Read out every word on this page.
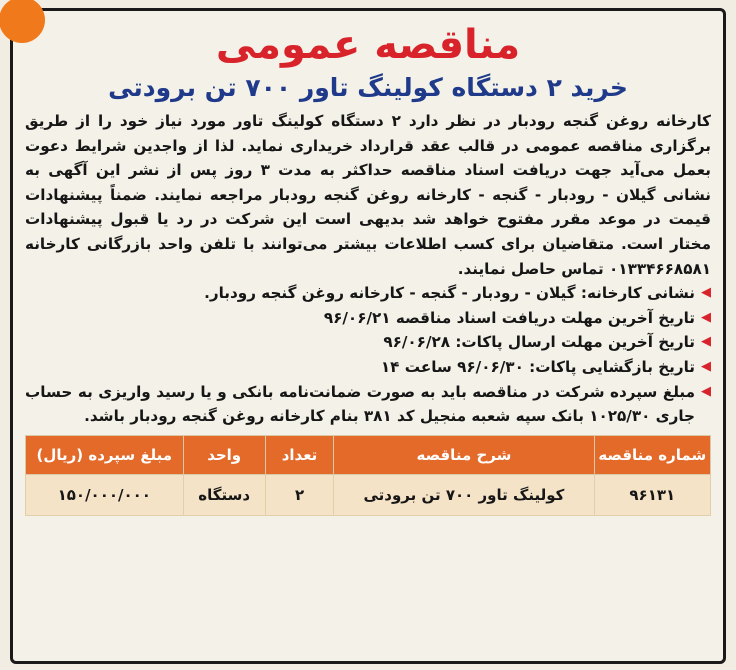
مناقصه عمومی
خرید ۲ دستگاه کولینگ تاور ۷۰۰ تن برودتی
کارخانه روغن گنجه رودبار در نظر دارد ۲ دستگاه کولینگ تاور مورد نیاز خود را از طریق برگزاری مناقصه عمومی در قالب عقد قرارداد خریداری نماید. لذا از واجدین شرایط دعوت بعمل می‌آید جهت دریافت اسناد مناقصه حداکثر به مدت ۳ روز پس از نشر این آگهی به نشانی گیلان - رودبار - گنجه - کارخانه روغن گنجه رودبار مراجعه نمایند. ضمناً پیشنهادات قیمت در موعد مقرر مفتوح خواهد شد بدیهی است این شرکت در رد یا قبول پیشنهادات مختار است. متقاضیان برای کسب اطلاعات بیشتر می‌توانند با تلفن واحد بازرگانی کارخانه ۰۱۳۳۴۶۶۸۵۸۱ تماس حاصل نمایند.
◀
نشانی کارخانه: گیلان - رودبار - گنجه - کارخانه روغن گنجه رودبار.
◀
تاریخ آخرین مهلت دریافت اسناد مناقصه ۹۶/۰۶/۲۱
◀
تاریخ آخرین مهلت ارسال پاکات: ۹۶/۰۶/۲۸
◀
تاریخ بازگشایی پاکات: ۹۶/۰۶/۳۰ ساعت ۱۴
◀
مبلغ سپرده شرکت در مناقصه باید به صورت ضمانت‌نامه بانکی و یا رسید واریزی به حساب جاری ۱۰۲۵/۳۰ بانک سپه شعبه منجیل کد ۳۸۱ بنام کارخانه روغن گنجه رودبار باشد.
شماره مناقصه	شرح مناقصه	تعداد	واحد	مبلغ سپرده (ریال)
۹۶۱۳۱	کولینگ تاور ۷۰۰ تن برودتی	۲	دستگاه	۱۵۰/۰۰۰/۰۰۰
